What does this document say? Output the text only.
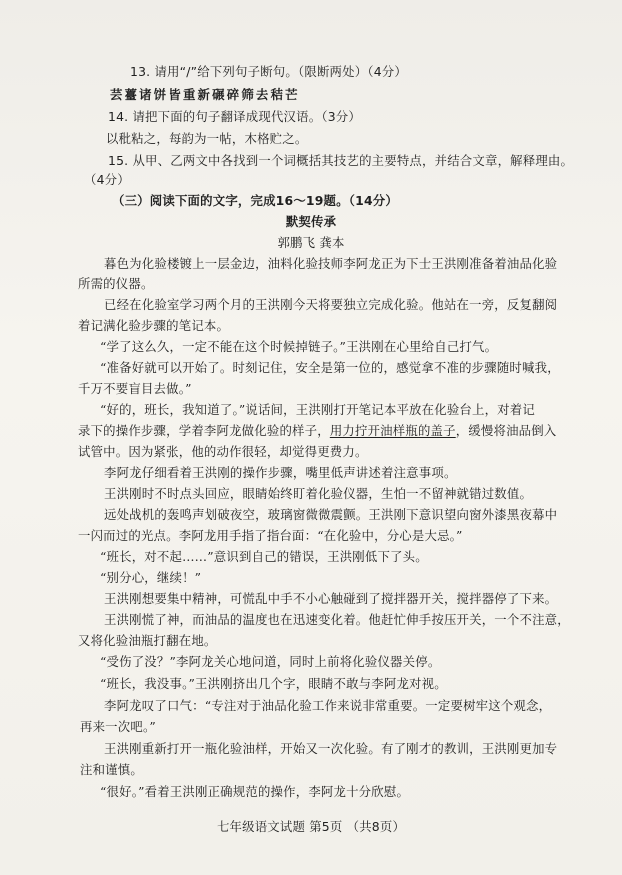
13. 请用“/”给下列句子断句。（限断两处）（4分）
芸薹诸饼皆重新碾碎筛去秸芒
14. 请把下面的句子翻译成现代汉语。（3分）
以秕粘之，每韵为一帖，木格贮之。
15. 从甲、乙两文中各找到一个词概括其技艺的主要特点，并结合文章，解释理由。
（4分）
（三）阅读下面的文字，完成16～19题。（14分）
默契传承
郭鹏飞 龚本
暮色为化验楼镀上一层金边，油料化验技师李阿龙正为下士王洪刚准备着油品化验
所需的仪器。
已经在化验室学习两个月的王洪刚今天将要独立完成化验。他站在一旁，反复翻阅
着记满化验步骤的笔记本。
“学了这么久，一定不能在这个时候掉链子。”王洪刚在心里给自己打气。
“准备好就可以开始了。时刻记住，安全是第一位的，感觉拿不准的步骤随时喊我，
千万不要盲目去做。”
“好的，班长，我知道了。”说话间，王洪刚打开笔记本平放在化验台上，对着记
录下的操作步骤，学着李阿龙做化验的样子，用力拧开油样瓶的盖子，缓慢将油品倒入
试管中。因为紧张，他的动作很轻，却觉得更费力。
李阿龙仔细看着王洪刚的操作步骤，嘴里低声讲述着注意事项。
王洪刚时不时点头回应，眼睛始终盯着化验仪器，生怕一不留神就错过数值。
远处战机的轰鸣声划破夜空，玻璃窗微微震颤。王洪刚下意识望向窗外漆黑夜幕中
一闪而过的光点。李阿龙用手指了指台面：“在化验中，分心是大忌。”
“班长，对不起……”意识到自己的错误，王洪刚低下了头。
“别分心，继续！”
王洪刚想要集中精神，可慌乱中手不小心触碰到了搅拌器开关，搅拌器停了下来。
王洪刚慌了神，而油品的温度也在迅速变化着。他赶忙伸手按压开关，一个不注意，
又将化验油瓶打翻在地。
“受伤了没？”李阿龙关心地问道，同时上前将化验仪器关停。
“班长，我没事。”王洪刚挤出几个字，眼睛不敢与李阿龙对视。
李阿龙叹了口气：“专注对于油品化验工作来说非常重要。一定要树牢这个观念，
再来一次吧。”
王洪刚重新打开一瓶化验油样，开始又一次化验。有了刚才的教训，王洪刚更加专
注和谨慎。
“很好。”看着王洪刚正确规范的操作，李阿龙十分欣慰。
七年级语文试题 第5页 （共8页）
